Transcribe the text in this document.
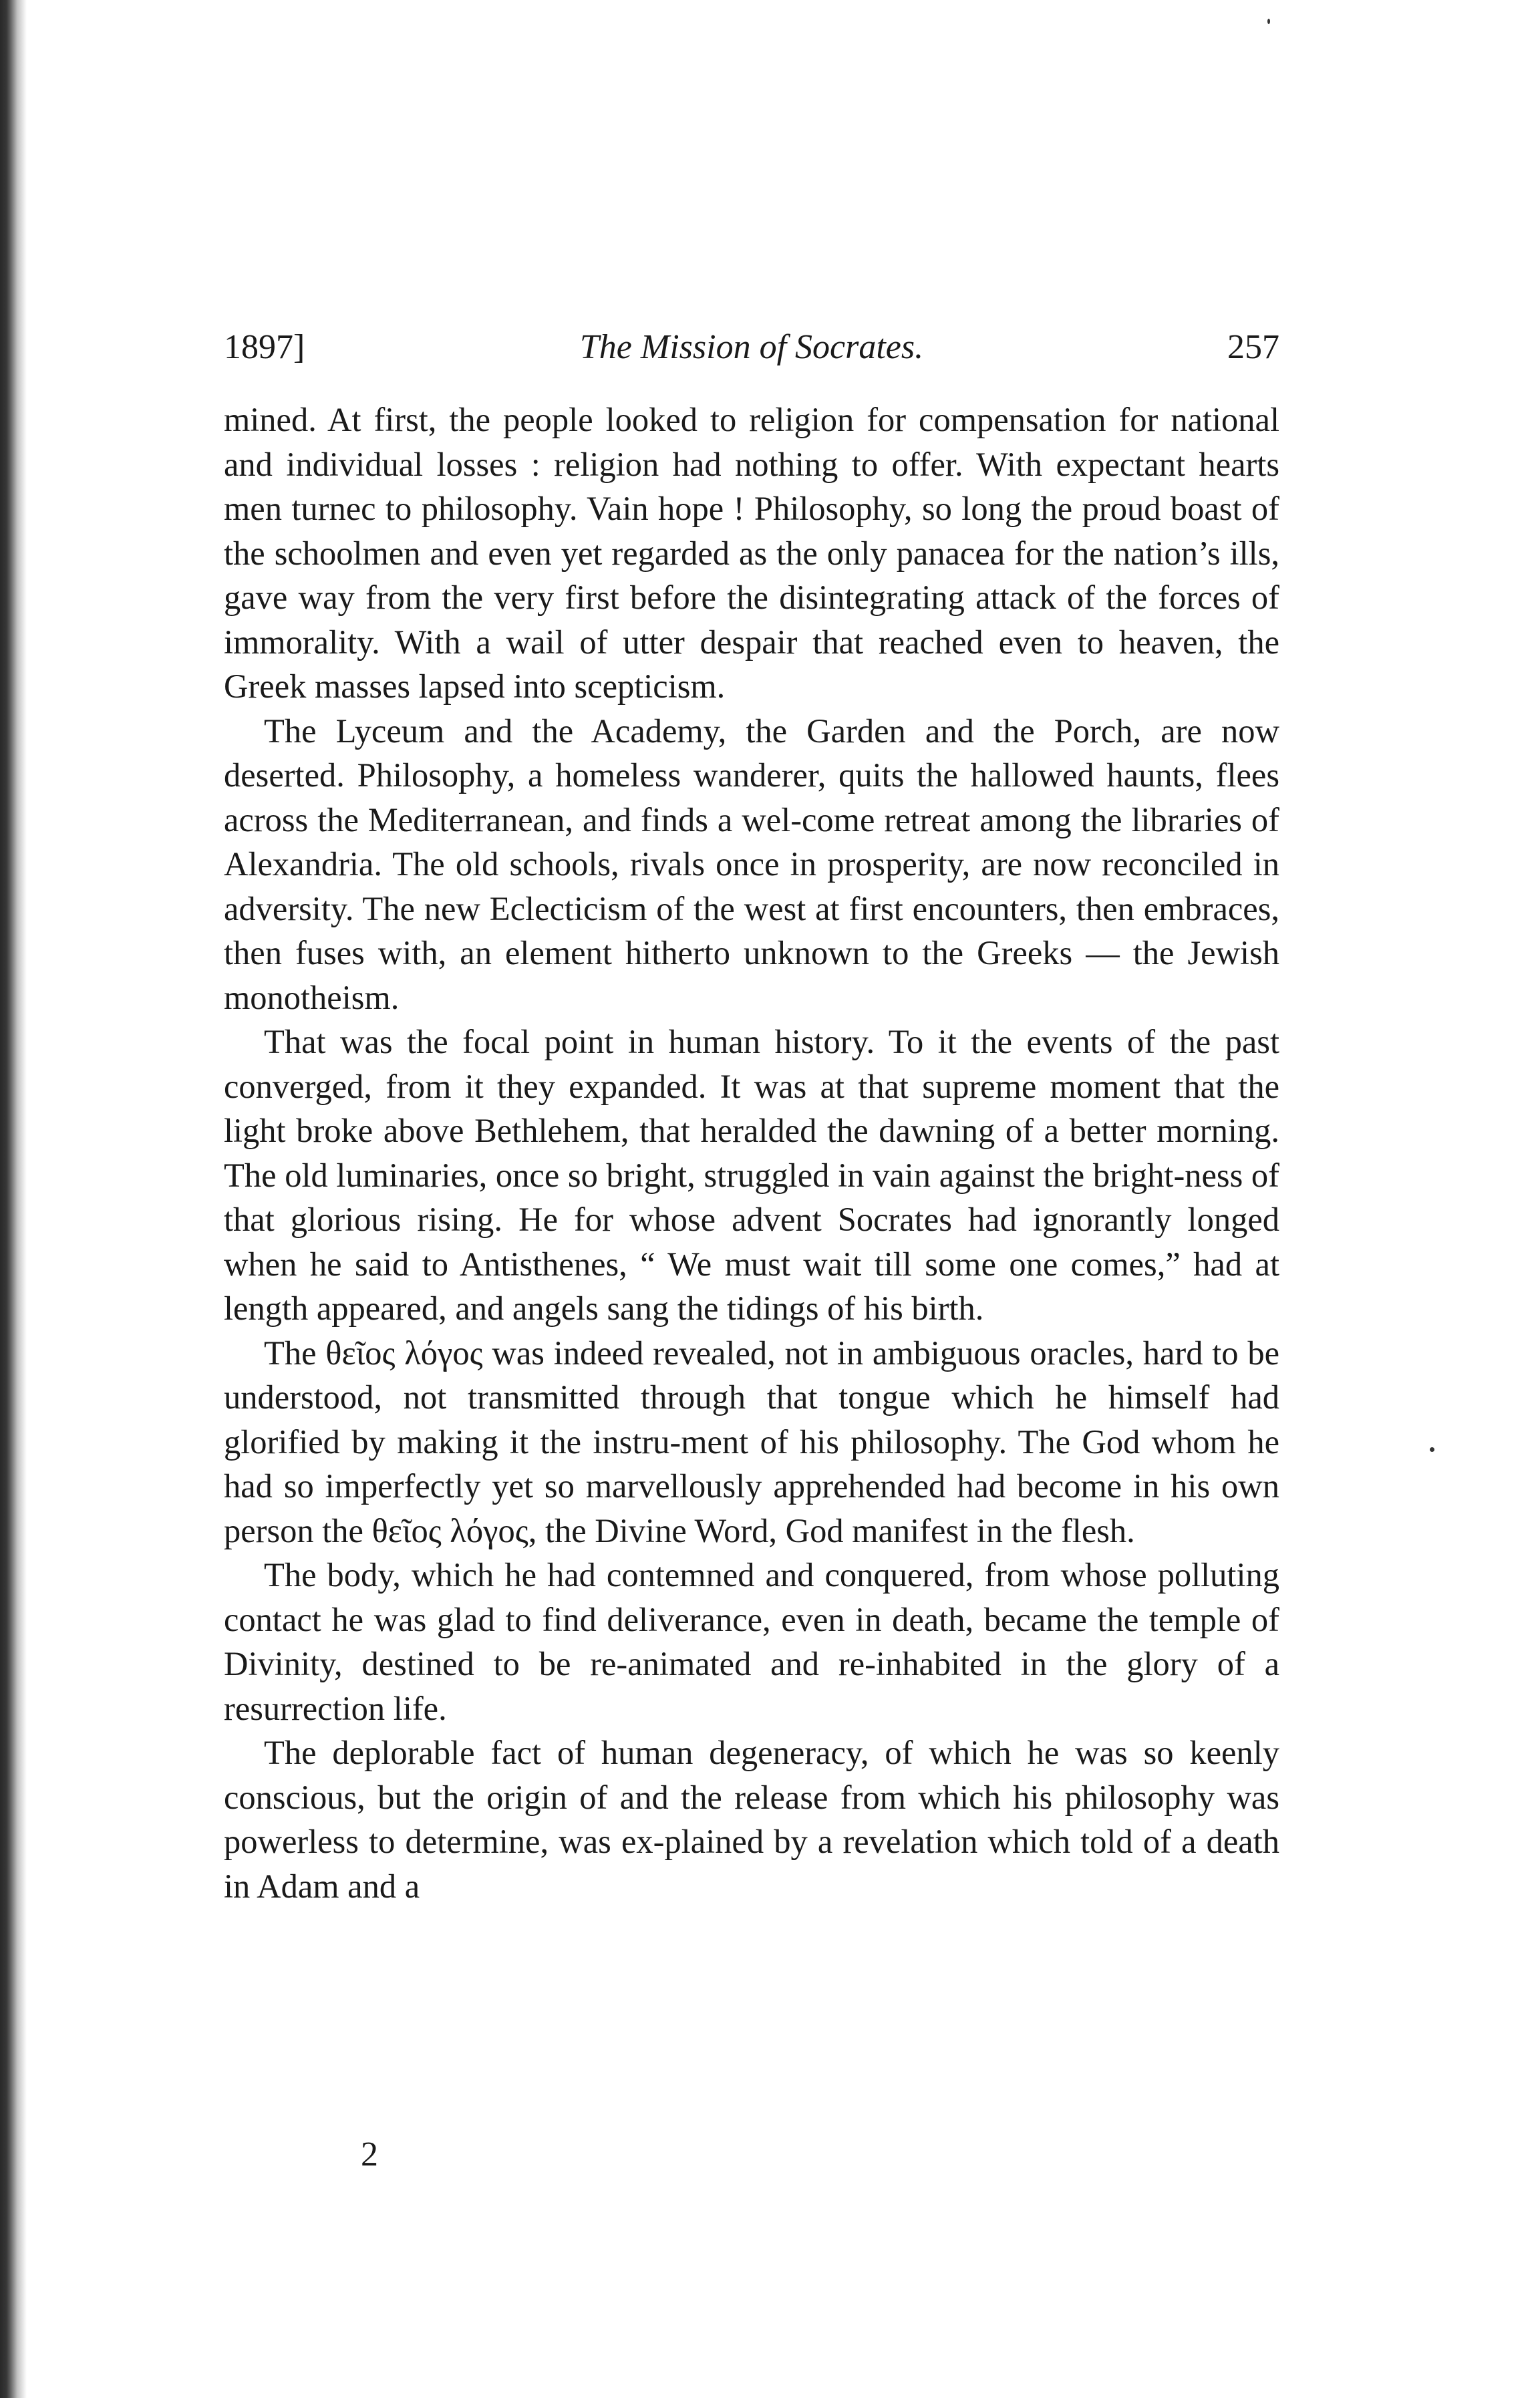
1897]	The Mission of Socrates.	257

mined. At first, the people looked to religion for compensation for national and individual losses : religion had nothing to offer. With expectant hearts men turnec to philosophy. Vain hope ! Philosophy, so long the proud boast of the schoolmen and even yet regarded as the only panacea for the nation’s ills, gave way from the very first before the disintegrating attack of the forces of immorality. With a wail of utter despair that reached even to heaven, the Greek masses lapsed into scepticism.

The Lyceum and the Academy, the Garden and the Porch, are now deserted. Philosophy, a homeless wanderer, quits the hallowed haunts, flees across the Mediterranean, and finds a wel-come retreat among the libraries of Alexandria. The old schools, rivals once in prosperity, are now reconciled in adversity. The new Eclecticism of the west at first encounters, then embraces, then fuses with, an element hitherto unknown to the Greeks — the Jewish monotheism.

That was the focal point in human history. To it the events of the past converged, from it they expanded. It was at that supreme moment that the light broke above Bethlehem, that heralded the dawning of a better morning. The old luminaries, once so bright, struggled in vain against the bright-ness of that glorious rising. He for whose advent Socrates had ignorantly longed when he said to Antisthenes, “ We must wait till some one comes,” had at length appeared, and angels sang the tidings of his birth.

The θεῖος λόγος was indeed revealed, not in ambiguous oracles, hard to be understood, not transmitted through that tongue which he himself had glorified by making it the instru-ment of his philosophy. The God whom he had so imperfectly yet so marvellously apprehended had become in his own person the θεῖος λόγος, the Divine Word, God manifest in the flesh.

The body, which he had contemned and conquered, from whose polluting contact he was glad to find deliverance, even in death, became the temple of Divinity, destined to be re-animated and re-inhabited in the glory of a resurrection life.

The deplorable fact of human degeneracy, of which he was so keenly conscious, but the origin of and the release from which his philosophy was powerless to determine, was ex-plained by a revelation which told of a death in Adam and a

2
